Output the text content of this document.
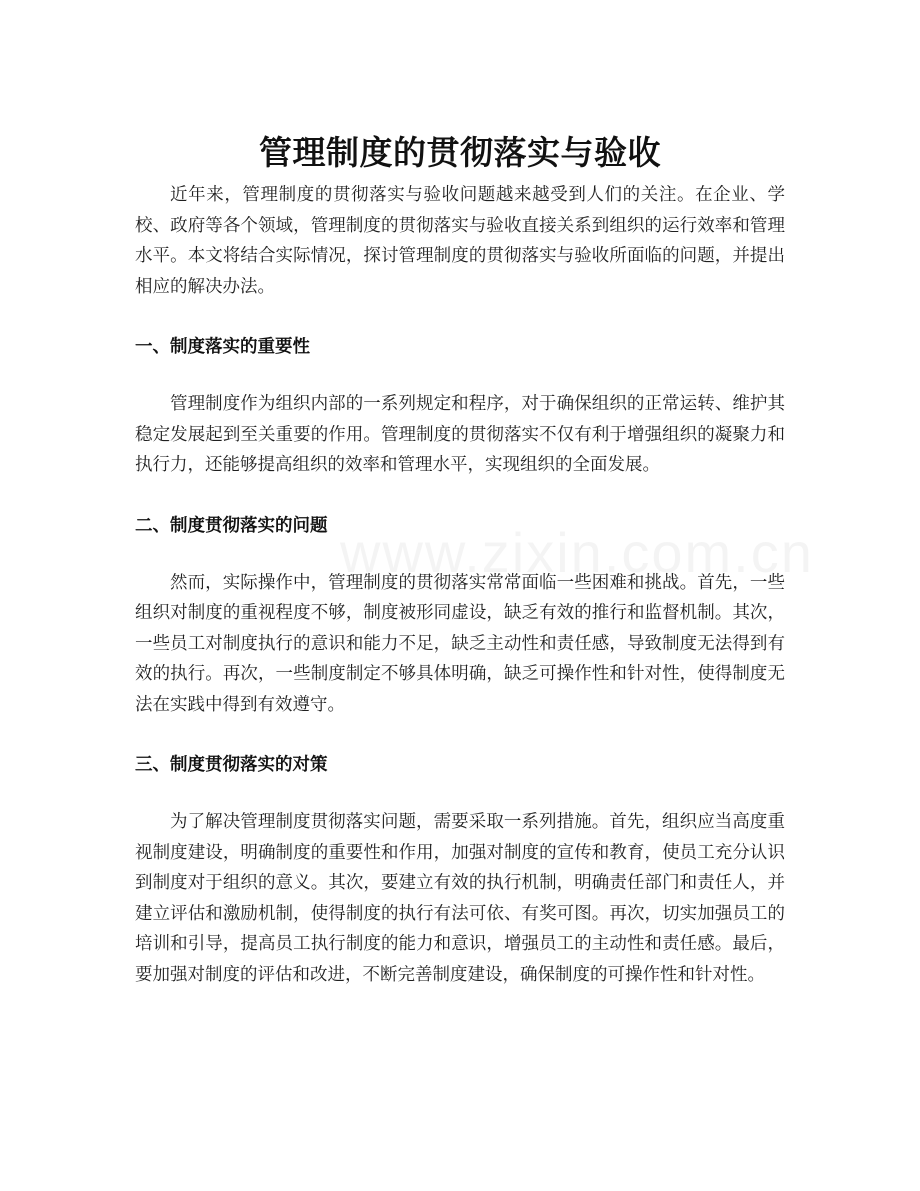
管理制度的贯彻落实与验收

近年来，管理制度的贯彻落实与验收问题越来越受到人们的关注。在企业、学校、政府等各个领域，管理制度的贯彻落实与验收直接关系到组织的运行效率和管理水平。本文将结合实际情况，探讨管理制度的贯彻落实与验收所面临的问题，并提出相应的解决办法。

一、制度落实的重要性

管理制度作为组织内部的一系列规定和程序，对于确保组织的正常运转、维护其稳定发展起到至关重要的作用。管理制度的贯彻落实不仅有利于增强组织的凝聚力和执行力，还能够提高组织的效率和管理水平，实现组织的全面发展。

二、制度贯彻落实的问题

然而，实际操作中，管理制度的贯彻落实常常面临一些困难和挑战。首先，一些组织对制度的重视程度不够，制度被形同虚设，缺乏有效的推行和监督机制。其次，一些员工对制度执行的意识和能力不足，缺乏主动性和责任感，导致制度无法得到有效的执行。再次，一些制度制定不够具体明确，缺乏可操作性和针对性，使得制度无法在实践中得到有效遵守。

三、制度贯彻落实的对策

为了解决管理制度贯彻落实问题，需要采取一系列措施。首先，组织应当高度重视制度建设，明确制度的重要性和作用，加强对制度的宣传和教育，使员工充分认识到制度对于组织的意义。其次，要建立有效的执行机制，明确责任部门和责任人，并建立评估和激励机制，使得制度的执行有法可依、有奖可图。再次，切实加强员工的培训和引导，提高员工执行制度的能力和意识，增强员工的主动性和责任感。最后，要加强对制度的评估和改进，不断完善制度建设，确保制度的可操作性和针对性。
